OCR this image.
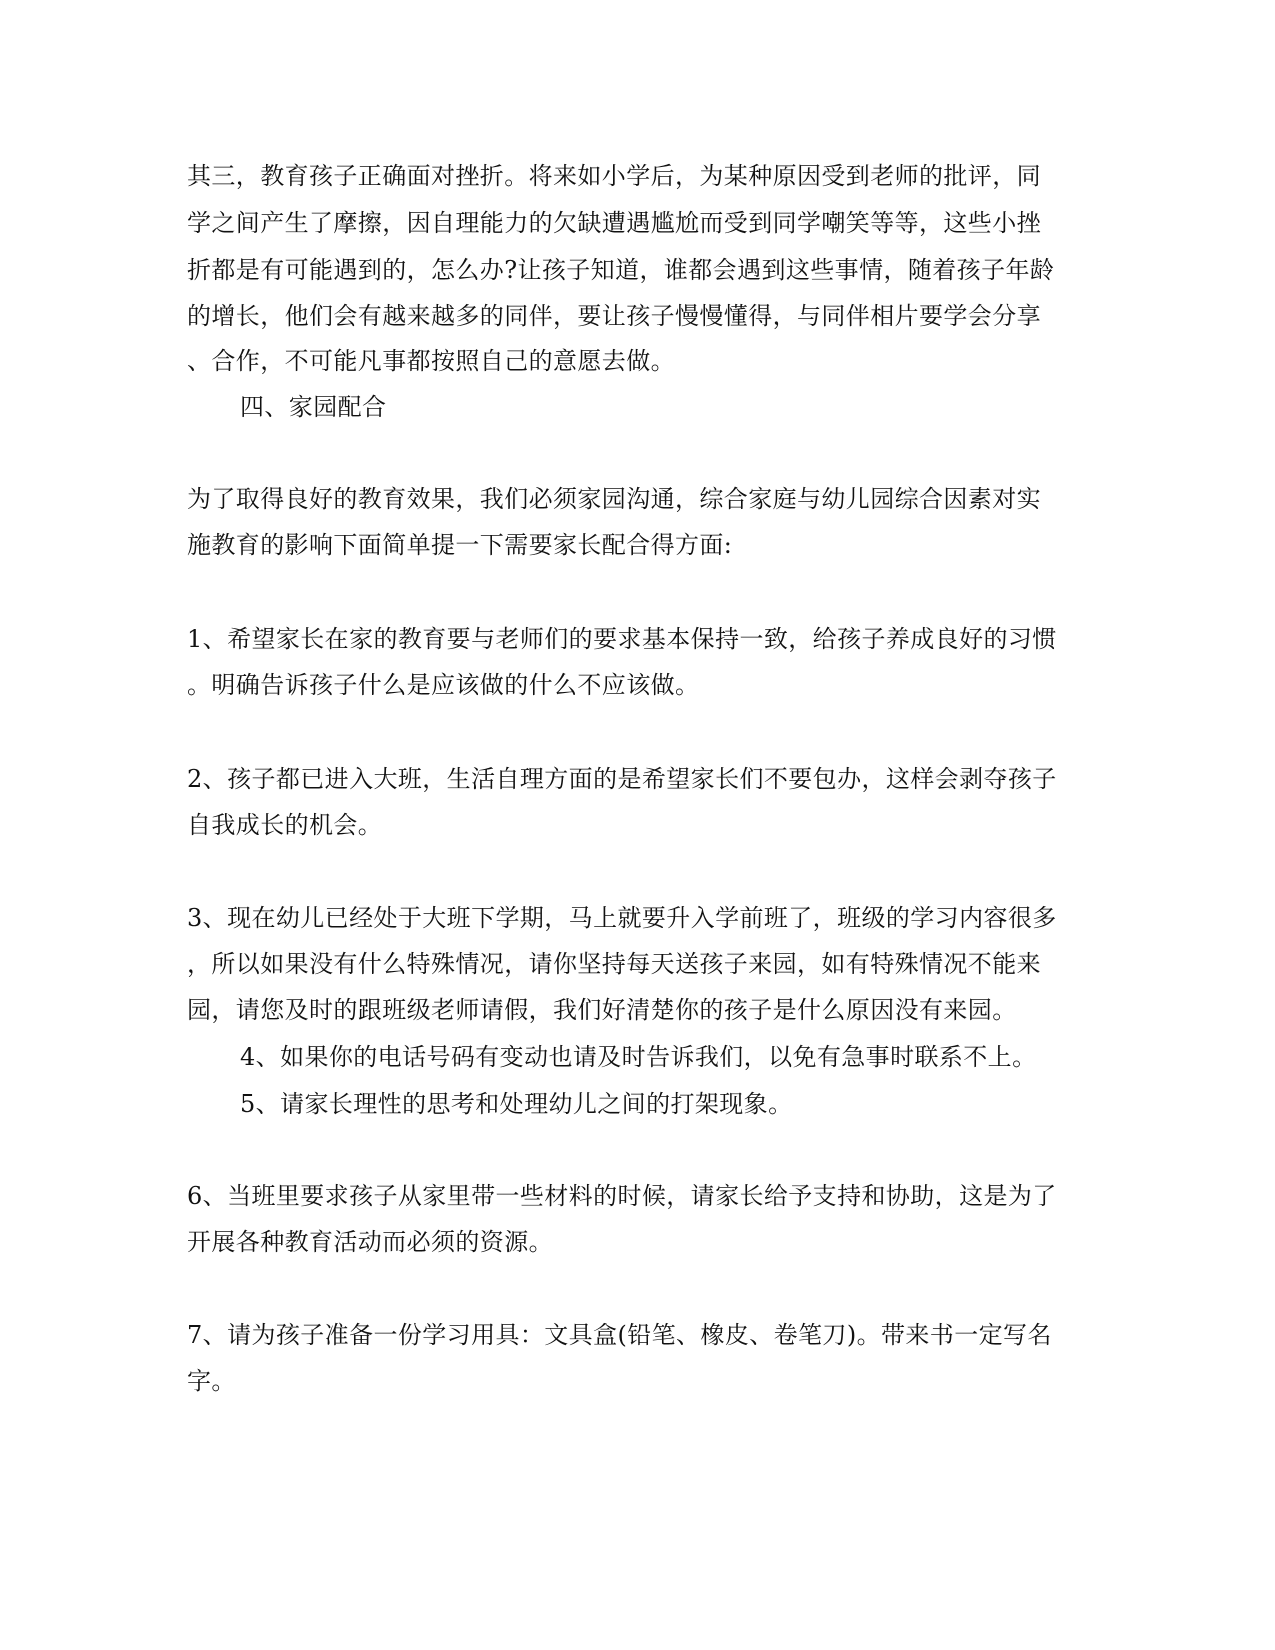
其三，教育孩子正确面对挫折。将来如小学后，为某种原因受到老师的批评，同
学之间产生了摩擦，因自理能力的欠缺遭遇尴尬而受到同学嘲笑等等，这些小挫
折都是有可能遇到的，怎么办?让孩子知道，谁都会遇到这些事情，随着孩子年龄
的增长，他们会有越来越多的同伴，要让孩子慢慢懂得，与同伴相片要学会分享
、合作，不可能凡事都按照自己的意愿去做。
四、家园配合
为了取得良好的教育效果，我们必须家园沟通，综合家庭与幼儿园综合因素对实
施教育的影响下面简单提一下需要家长配合得方面:
1、希望家长在家的教育要与老师们的要求基本保持一致，给孩子养成良好的习惯
。明确告诉孩子什么是应该做的什么不应该做。
2、孩子都已进入大班，生活自理方面的是希望家长们不要包办，这样会剥夺孩子
自我成长的机会。
3、现在幼儿已经处于大班下学期，马上就要升入学前班了，班级的学习内容很多
，所以如果没有什么特殊情况，请你坚持每天送孩子来园，如有特殊情况不能来
园，请您及时的跟班级老师请假，我们好清楚你的孩子是什么原因没有来园。
4、如果你的电话号码有变动也请及时告诉我们，以免有急事时联系不上。
5、请家长理性的思考和处理幼儿之间的打架现象。
6、当班里要求孩子从家里带一些材料的时候，请家长给予支持和协助，这是为了
开展各种教育活动而必须的资源。
7、请为孩子准备一份学习用具：文具盒(铅笔、橡皮、卷笔刀)。带来书一定写名
字。
